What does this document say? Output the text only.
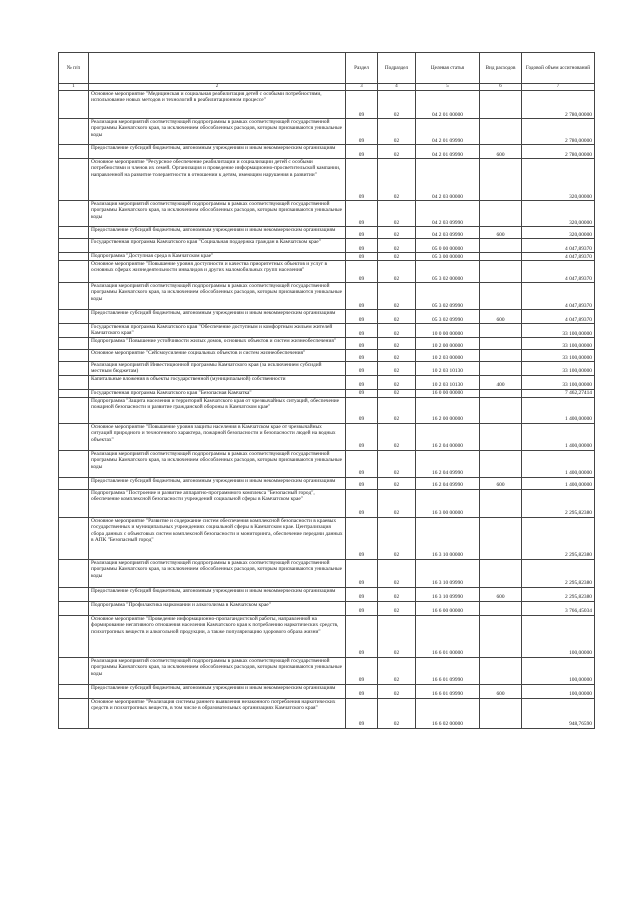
№ п/п		Раздел	Подраздел	Целевая статья	Вид расходов	Годовой объем ассигнований
1	2	3	4	5	6	7
	Основное мероприятие "Медицинская и социальная реабилитация детей с особыми потребностями, использование новых методов и технологий в реабилитационном процессе"	09	02	04 2 01 00000		2 780,00000
	Реализация мероприятий соответствующей подпрограммы в рамках соответствующей государственной программы Камчатского края, за исключением обособленных расходов, которым присваиваются уникальные коды	09	02	04 2 01 09990		2 780,00000
	Предоставление субсидий бюджетным, автономным учреждениям и иным некоммерческим организациям	09	02	04 2 01 09990	600	2 780,00000
	Основное мероприятие "Ресурсное обеспечение реабилитации и социализации детей с особыми потребностями и членов их семей. Организация и проведение информационно-просветительской кампании, направленной на развитие толерантности в отношении к детям, имеющим нарушения в развитии"	09	02	04 2 03 00000		320,00000
	Реализация мероприятий соответствующей подпрограммы в рамках соответствующей государственной программы Камчатского края, за исключением обособленных расходов, которым присваиваются уникальные коды	09	02	04 2 03 09990		320,00000
	Предоставление субсидий бюджетным, автономным учреждениям и иным некоммерческим организациям	09	02	04 2 03 09990	600	320,00000
	Государственная программа Камчатского края "Социальная поддержка граждан в Камчатском крае"	09	02	05 0 00 00000		4 047,89370
	Подпрограмма "Доступная среда в Камчатском крае"	09	02	05 3 00 00000		4 047,89370
	Основное мероприятие "Повышение уровня доступности и качества приоритетных объектов и услуг в основных сферах жизнедеятельности инвалидов и других маломобильных групп населения"	09	02	05 3 02 00000		4 047,89370
	Реализация мероприятий соответствующей подпрограммы в рамках соответствующей государственной программы Камчатского края, за исключением обособленных расходов, которым присваиваются уникальные коды	09	02	05 3 02 09990		4 047,89370
	Предоставление субсидий бюджетным, автономным учреждениям и иным некоммерческим организациям	09	02	05 3 02 09990	600	4 047,89370
	Государственная программа Камчатского края "Обеспечение доступным и комфортным жильем жителей Камчатского края"	09	02	10 0 00 00000		33 100,00000
	Подпрограмма "Повышение устойчивости жилых домов, основных объектов и систем жизнеобеспечения"	09	02	10 2 00 00000		33 100,00000
	Основное мероприятие "Сейсмоусиление социальных объектов и систем жизнеобеспечения"	09	02	10 2 03 00000		33 100,00000
	Реализация мероприятий Инвестиционной программы Камчатского края (за исключением субсидий местным бюджетам)	09	02	10 2 03 10130		33 100,00000
	Капитальные вложения в объекты государственной (муниципальной) собственности	09	02	10 2 03 10130	400	33 100,00000
	Государственная программа Камчатского края "Безопасная Камчатка"	09	02	16 0 00 00000		7 462,27414
	Подпрограмма "Защита населения и территорий Камчатского края от чрезвычайных ситуаций, обеспечение пожарной безопасности и развитие гражданской обороны в Камчатском крае"	09	02	16 2 00 00000		1 400,00000
	Основное мероприятие "Повышение уровня защиты населения в Камчатском крае от чрезвычайных ситуаций природного и техногенного характера, пожарной безопасности и безопасности людей на водных объектах"	09	02	16 2 04 00000		1 400,00000
	Реализация мероприятий соответствующей подпрограммы в рамках соответствующей государственной программы Камчатского края, за исключением обособленных расходов, которым присваиваются уникальные коды	09	02	16 2 04 09990		1 400,00000
	Предоставление субсидий бюджетным, автономным учреждениям и иным некоммерческим организациям	09	02	16 2 04 09990	600	1 400,00000
	Подпрограмма "Построение и развитие аппаратно-программного комплекса "Безопасный город", обеспечение комплексной безопасности учреждений социальной сферы в Камчатском крае"	09	02	16 3 00 00000		2 295,82380
	Основное мероприятие "Развитие и содержание систем обеспечения комплексной безопасности в краевых государственных и муниципальных учреждениях социальной сферы в Камчатском крае. Централизация сбора данных с объектовых систем комплексной безопасности и мониторинга, обеспечение передачи данных в АПК "Безопасный город"	09	02	16 3 10 00000		2 295,82380
	Реализация мероприятий соответствующей подпрограммы в рамках соответствующей государственной программы Камчатского края, за исключением обособленных расходов, которым присваиваются уникальные коды	09	02	16 3 10 09990		2 295,82380
	Предоставление субсидий бюджетным, автономным учреждениям и иным некоммерческим организациям	09	02	16 3 10 09990	600	2 295,82380
	Подпрограмма "Профилактика наркомании и алкоголизма в Камчатском крае"	09	02	16 6 00 00000		3 766,45034
	Основное мероприятие "Проведение информационно-пропагандистской работы, направленной на формирование негативного отношения населения Камчатского края к потреблению наркотических средств, психотропных веществ и алкогольной продукции, а также популяризацию здорового образа жизни"	09	02	16 6 01 00000		100,00000
	Реализация мероприятий соответствующей подпрограммы в рамках соответствующей государственной программы Камчатского края, за исключением обособленных расходов, которым присваиваются уникальные коды	09	02	16 6 01 09990		100,00000
	Предоставление субсидий бюджетным, автономным учреждениям и иным некоммерческим организациям	09	02	16 6 01 09990	600	100,00000
	Основное мероприятие "Реализация системы раннего выявления незаконного потребления наркотических средств и психотропных веществ, в том числе в образовательных организациях Камчатского края"	09	02	16 6 02 00000		948,76590
